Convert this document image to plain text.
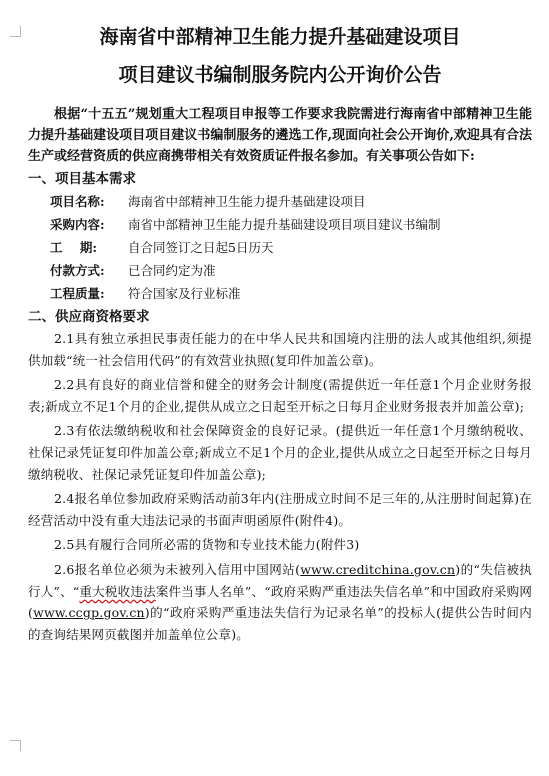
海南省中部精神卫生能力提升基础建设项目
项目建议书编制服务院内公开询价公告

根据“十五五”规划重大工程项目申报等工作要求我院需进行海南省中部精神卫生能力提升基础建设项目项目建议书编制服务的遴选工作,现面向社会公开询价,欢迎具有合法生产或经营资质的供应商携带相关有效资质证件报名参加。有关事项公告如下:

一、项目基本需求
项目名称:	海南省中部精神卫生能力提升基础建设项目
采购内容:	南省中部精神卫生能力提升基础建设项目项目建议书编制
工    期:	自合同签订之日起5日历天
付款方式:	已合同约定为准
工程质量:	符合国家及行业标准
二、供应商资格要求

2.1具有独立承担民事责任能力的在中华人民共和国境内注册的法人或其他组织,须提供加载“统一社会信用代码”的有效营业执照(复印件加盖公章)。

2.2具有良好的商业信誉和健全的财务会计制度(需提供近一年任意1个月企业财务报表;新成立不足1个月的企业,提供从成立之日起至开标之日每月企业财务报表并加盖公章);

2.3有依法缴纳税收和社会保障资金的良好记录。(提供近一年任意1个月缴纳税收、社保记录凭证复印件加盖公章;新成立不足1个月的企业,提供从成立之日起至开标之日每月缴纳税收、社保记录凭证复印件加盖公章);

2.4报名单位参加政府采购活动前3年内(注册成立时间不足三年的,从注册时间起算)在经营活动中没有重大违法记录的书面声明函原件(附件4)。

2.5具有履行合同所必需的货物和专业技术能力(附件3)

2.6报名单位必须为未被列入信用中国网站(www.creditchina.gov.cn)的“失信被执行人”、“重大税收违法案件当事人名单”、“政府采购严重违法失信名单”和中国政府采购网(www.ccgp.gov.cn)的“政府采购严重违法失信行为记录名单”的投标人(提供公告时间内的查询结果网页截图并加盖单位公章)。
